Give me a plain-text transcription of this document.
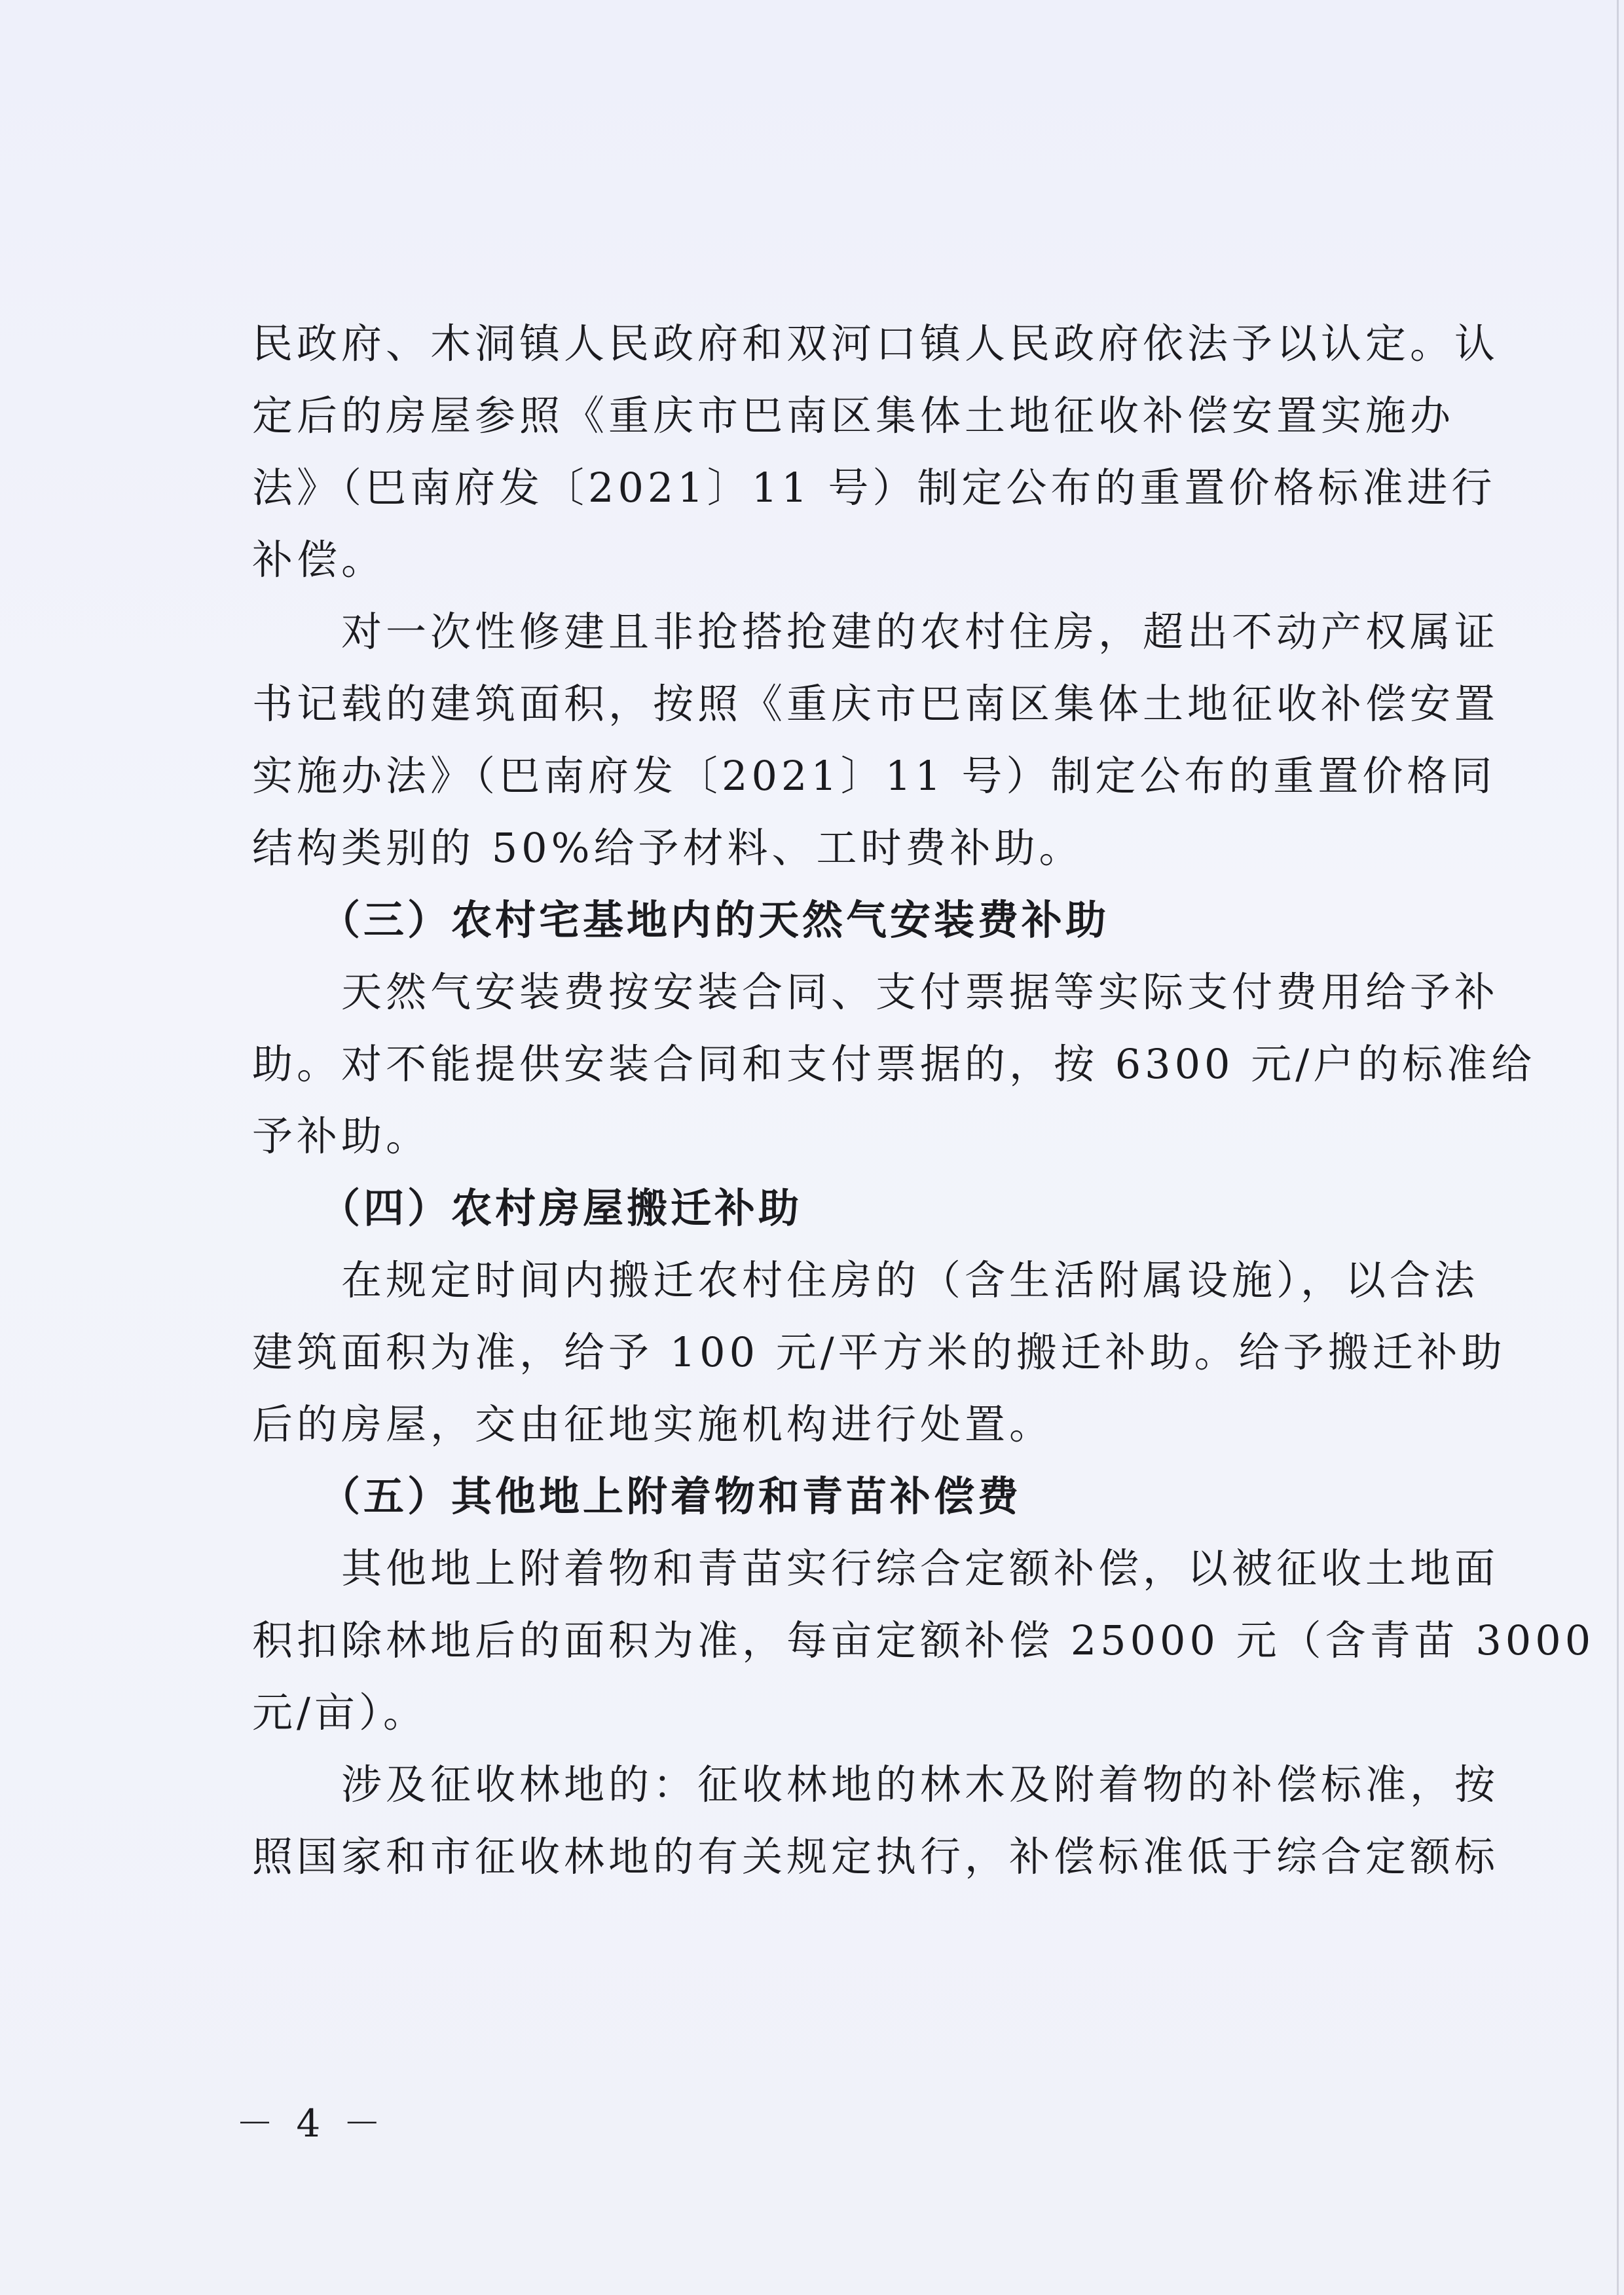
民政府、木洞镇人民政府和双河口镇人民政府依法予以认定。认
定后的房屋参照《重庆市巴南区集体土地征收补偿安置实施办
法》（巴南府发〔2021〕11 号）制定公布的重置价格标准进行
补偿。
　　对一次性修建且非抢搭抢建的农村住房，超出不动产权属证
书记载的建筑面积，按照《重庆市巴南区集体土地征收补偿安置
实施办法》（巴南府发〔2021〕11 号）制定公布的重置价格同
结构类别的 50%给予材料、工时费补助。
　　（三）农村宅基地内的天然气安装费补助
　　天然气安装费按安装合同、支付票据等实际支付费用给予补
助。对不能提供安装合同和支付票据的，按 6300 元/户的标准给
予补助。
　　（四）农村房屋搬迁补助
　　在规定时间内搬迁农村住房的（含生活附属设施），以合法
建筑面积为准，给予 100 元/平方米的搬迁补助。给予搬迁补助
后的房屋，交由征地实施机构进行处置。
　　（五）其他地上附着物和青苗补偿费
　　其他地上附着物和青苗实行综合定额补偿，以被征收土地面
积扣除林地后的面积为准，每亩定额补偿 25000 元（含青苗 3000
元/亩）。
　　涉及征收林地的：征收林地的林木及附着物的补偿标准，按
照国家和市征收林地的有关规定执行，补偿标准低于综合定额标
－ 4 －
